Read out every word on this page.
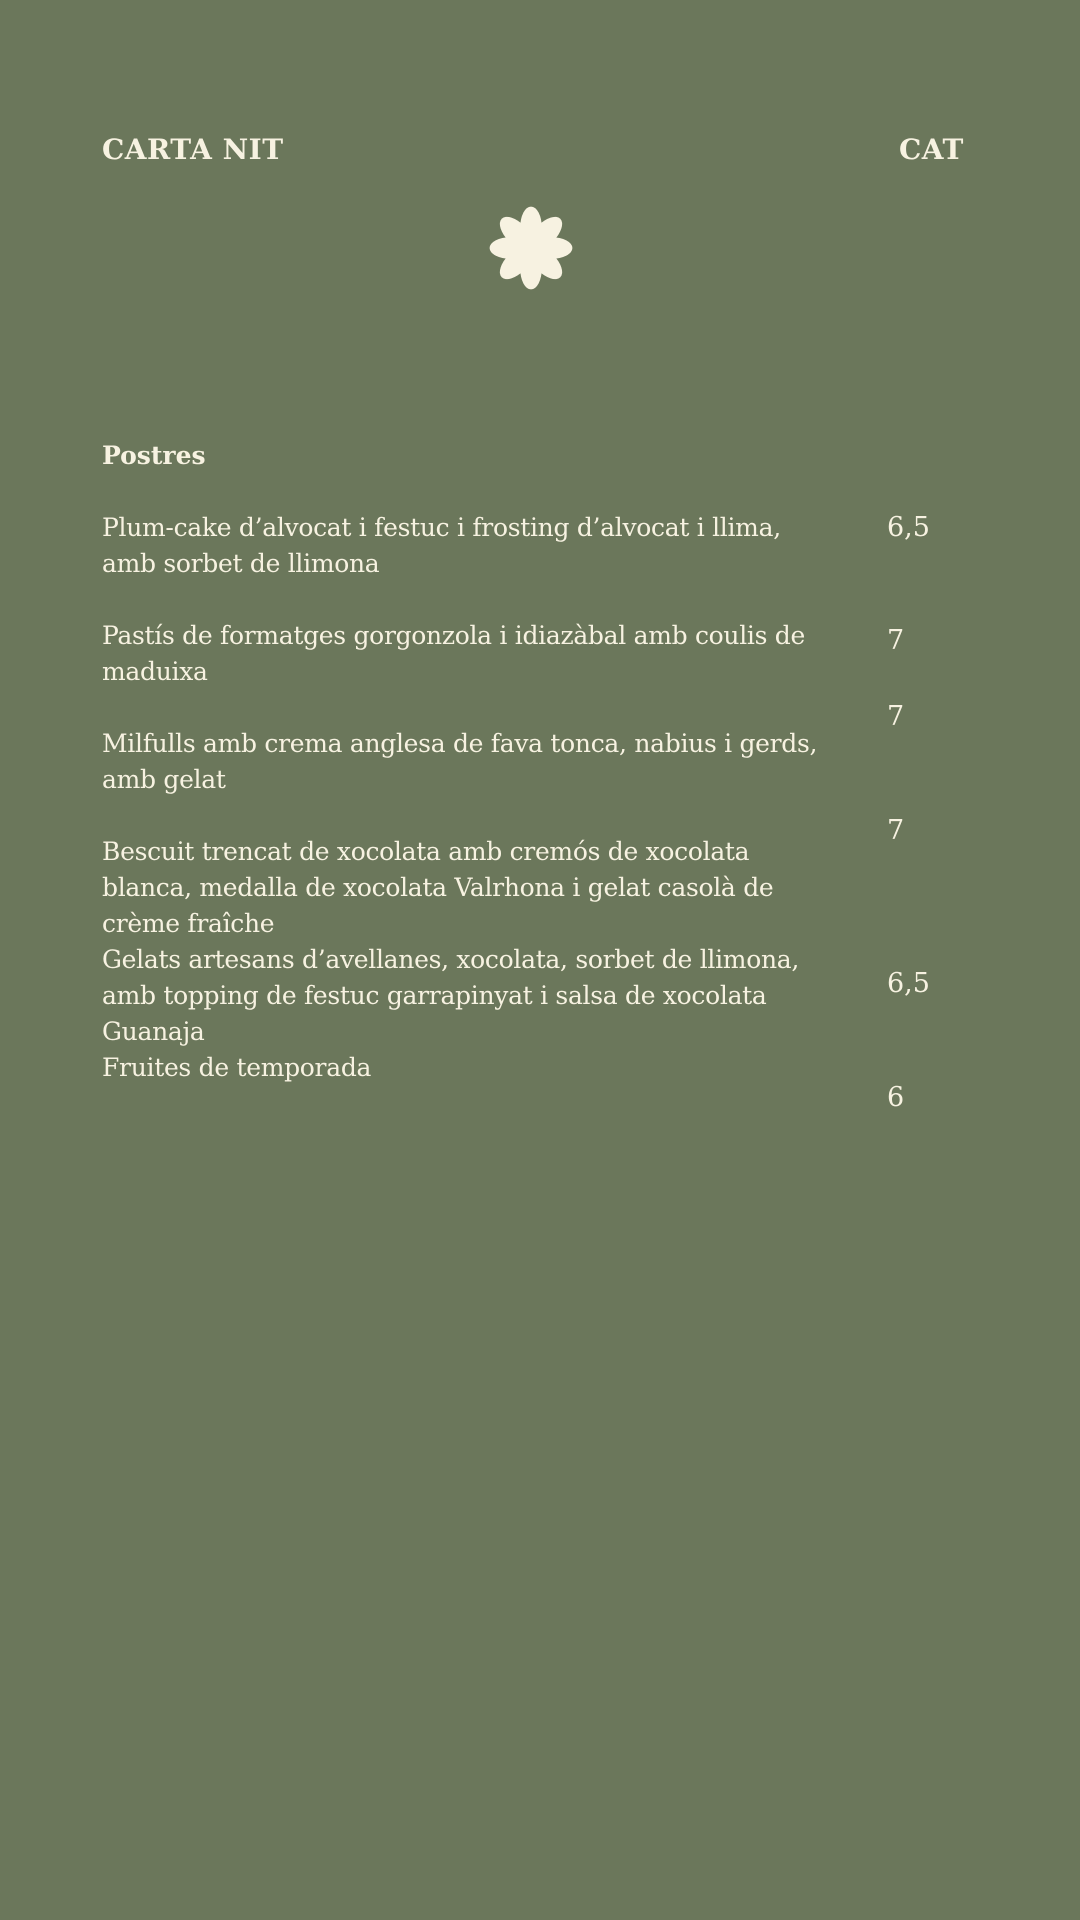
CARTA NIT	CAT
Postres
Plum-cake d’alvocat i festuc i frosting d’alvocat i llima, amb sorbet de llimona
6,5
Pastís de formatges gorgonzola i idiazàbal amb coulis de maduixa
7
Milfulls amb crema anglesa de fava tonca, nabius i gerds, amb gelat
7
Bescuit trencat de xocolata amb cremós de xocolata blanca, medalla de xocolata Valrhona i gelat casolà de crème fraîche
7
Gelats artesans d’avellanes, xocolata, sorbet de llimona, amb topping de festuc garrapinyat i salsa de xocolata Guanaja
6,5
Fruites de temporada
6
